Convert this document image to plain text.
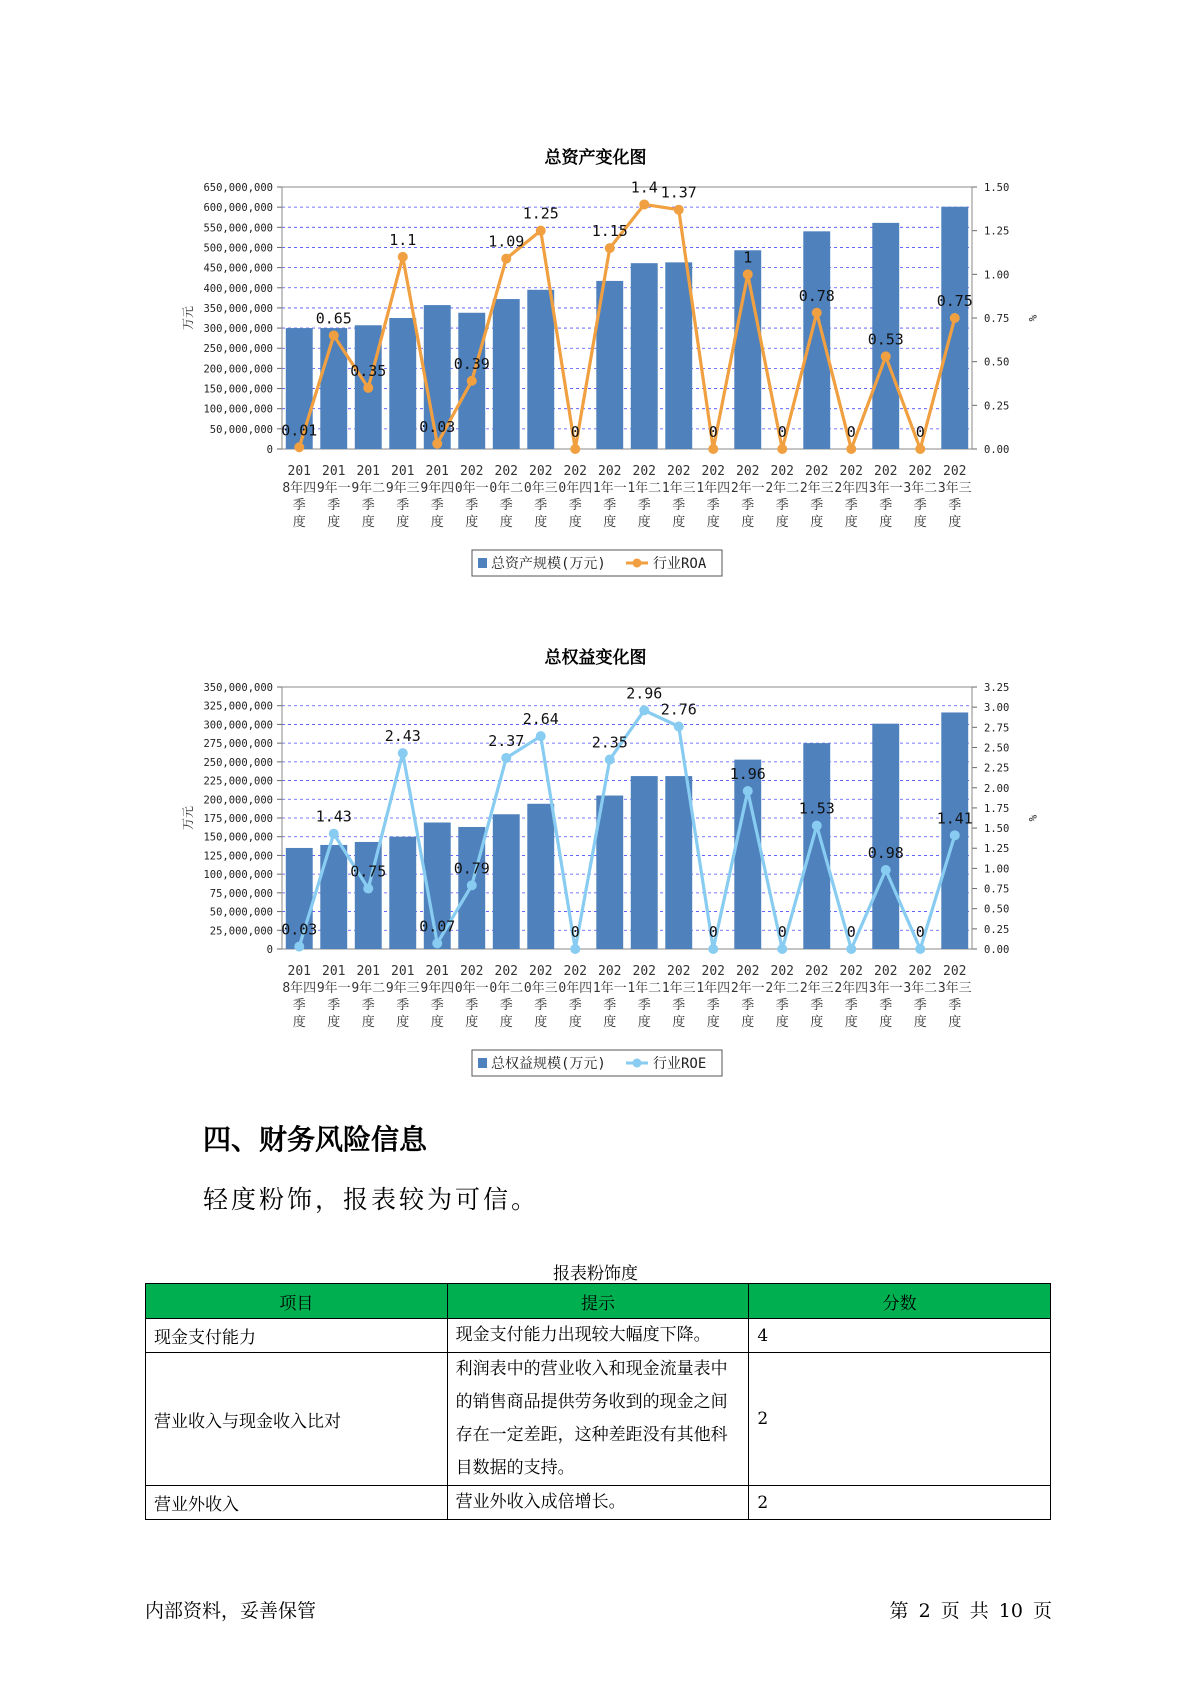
总资产变化图
0
50,000,000
100,000,000
150,000,000
200,000,000
250,000,000
300,000,000
350,000,000
400,000,000
450,000,000
500,000,000
550,000,000
600,000,000
650,000,000
0.00
0.25
0.50
0.75
1.00
1.25
1.50
万元	%
201
8年四
季
度
201
9年一
季
度
201
9年二
季
度
201
9年三
季
度
201
9年四
季
度
202
0年一
季
度
202
0年二
季
度
202
0年三
季
度
202
0年四
季
度
202
1年一
季
度
202
1年二
季
度
202
1年三
季
度
202
1年四
季
度
202
2年一
季
度
202
2年二
季
度
202
2年三
季
度
202
2年四
季
度
202
3年一
季
度
202
3年二
季
度
202
3年三
季
度
0.01
0.65
0.35
1.1
0.03
0.39
1.09
1.25
0
1.15
1.4 1.37
0
1
0
0.78
0
0.53
0
0.75
总资产规模(万元)	行业ROA
总权益变化图
0
25,000,000
50,000,000
75,000,000
100,000,000
125,000,000
150,000,000
175,000,000
200,000,000
225,000,000
250,000,000
275,000,000
300,000,000
325,000,000
350,000,000
0.00
0.25
0.50
0.75
1.00
1.25
1.50
1.75
2.00
2.25
2.50
2.75
3.00
3.25
万元	%
201
8年四
季
度
201
9年一
季
度
201
9年二
季
度
201
9年三
季
度
201
9年四
季
度
202
0年一
季
度
202
0年二
季
度
202
0年三
季
度
202
0年四
季
度
202
1年一
季
度
202
1年二
季
度
202
1年三
季
度
202
1年四
季
度
202
2年一
季
度
202
2年二
季
度
202
2年三
季
度
202
2年四
季
度
202
3年一
季
度
202
3年二
季
度
202
3年三
季
度
0.03
1.43
0.75
2.43
0.07
0.79
2.37
2.64
0
2.35
2.96
2.76
0
1.96
0
1.53
0
0.98
0
1.41
总权益规模(万元)	行业ROE
四、财务风险信息
轻度粉饰，报表较为可信。
报表粉饰度
项目	提示	分数
现金支付能力	现金支付能力出现较大幅度下降。	4
营业收入与现金收入比对	利润表中的营业收入和现金流量表中的销售商品提供劳务收到的现金之间存在一定差距，这种差距没有其他科目数据的支持。	2
营业外收入	营业外收入成倍增长。	2
内部资料，妥善保管	第 2 页 共 10 页
